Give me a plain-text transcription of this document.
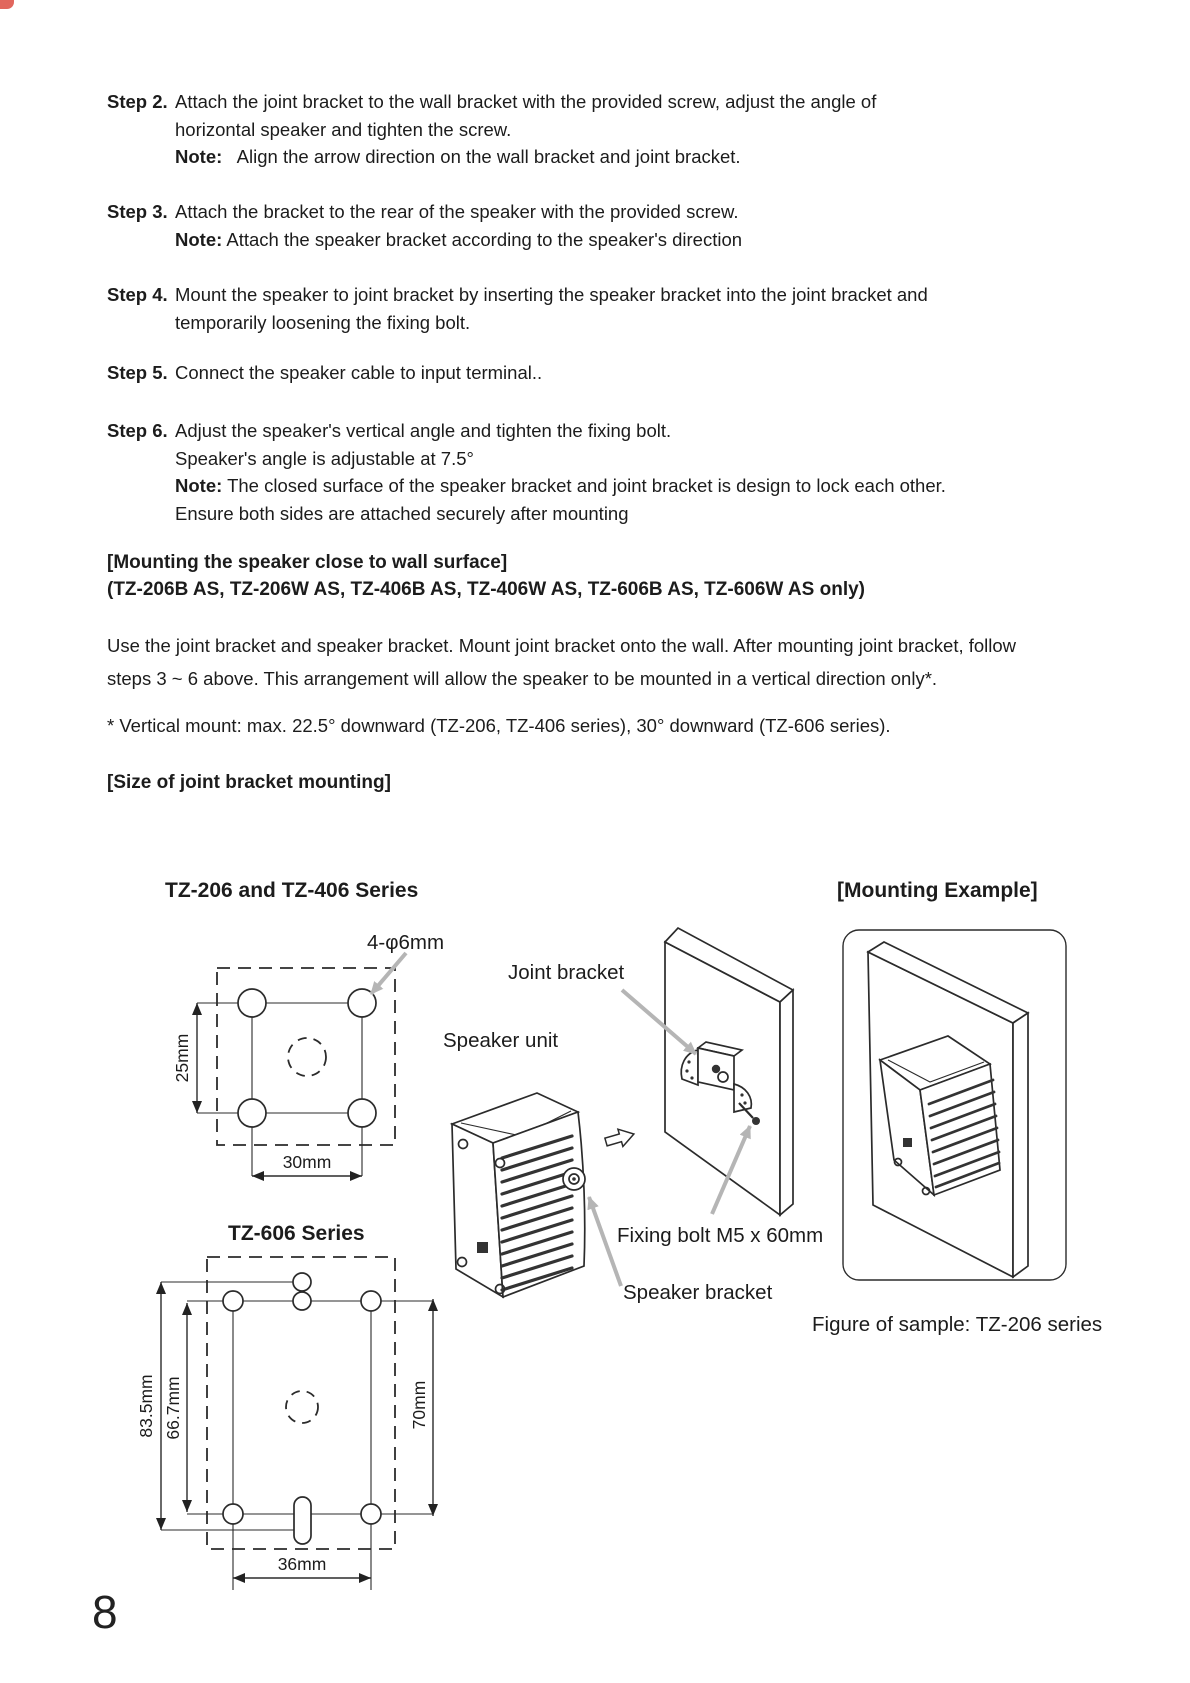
Step 2. Attach the joint bracket to the wall bracket with the provided screw, adjust the angle of
horizontal speaker and tighten the screw.
Note:   Align the arrow direction on the wall bracket and joint bracket.
Step 3. Attach the bracket to the rear of the speaker with the provided screw.
Note: Attach the speaker bracket according to the speaker's direction
Step 4. Mount the speaker to joint bracket by inserting the speaker bracket into the joint bracket and
temporarily loosening the fixing bolt.
Step 5. Connect the speaker cable to input terminal..
Step 6. Adjust the speaker's vertical angle and tighten the fixing bolt.
Speaker's angle is adjustable at 7.5°
Note: The closed surface of the speaker bracket and joint bracket is design to lock each other.
Ensure both sides are attached securely after mounting
[Mounting the speaker close to wall surface]
(TZ-206B AS, TZ-206W AS, TZ-406B AS, TZ-406W AS, TZ-606B AS, TZ-606W AS only)
Use the joint bracket and speaker bracket. Mount joint bracket onto the wall. After mounting joint bracket, follow
steps 3 ~ 6 above. This arrangement will allow the speaker to be mounted in a vertical direction only*.
* Vertical mount: max. 22.5° downward (TZ-206, TZ-406 series), 30° downward (TZ-606 series).
[Size of joint bracket mounting]
TZ-206 and TZ-406 Series	[Mounting Example]
TZ-606 Series
25mm
30mm
4-φ6mm
83.5mm 66.7mm	70mm
36mm
Joint bracket
Speaker unit
Fixing bolt M5 x 60mm
Speaker bracket
Figure of sample: TZ-206 series
8
